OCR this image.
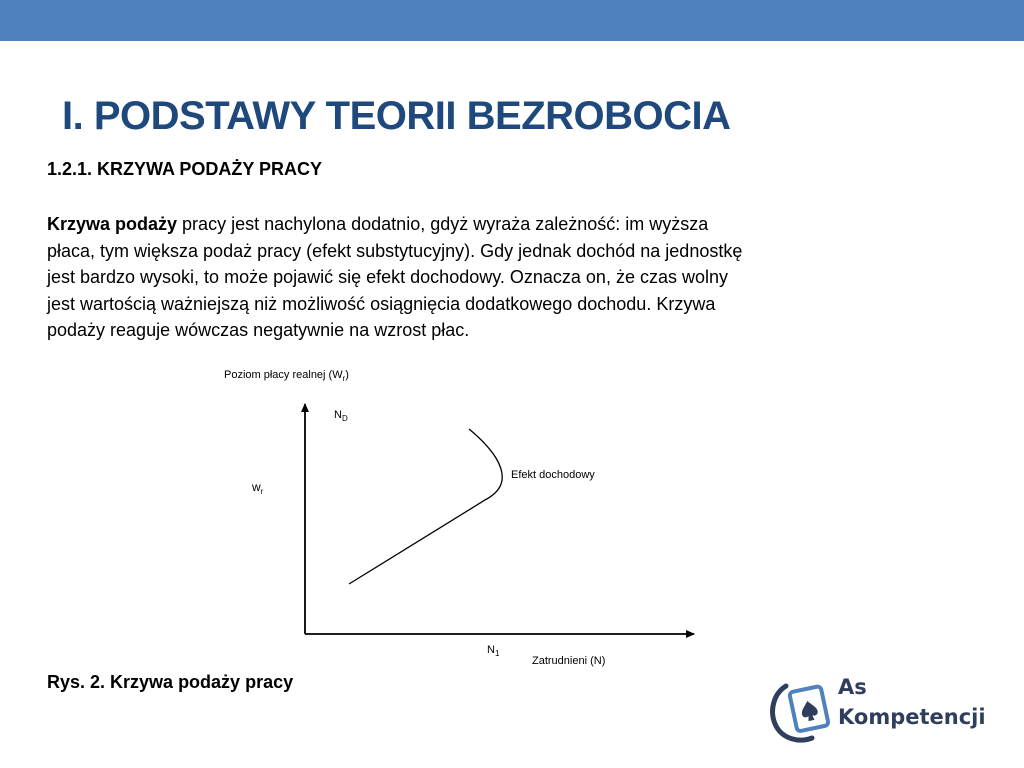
I. PODSTAWY TEORII BEZROBOCIA
1.2.1. KRZYWA PODAŻY PRACY

Krzywa podaży pracy jest nachylona dodatnio, gdyż wyraża zależność: im wyższa
płaca, tym większa podaż pracy (efekt substytucyjny). Gdy jednak dochód na jednostkę
jest bardzo wysoki, to może pojawić się efekt dochodowy. Oznacza on, że czas wolny
jest wartością ważniejszą niż możliwość osiągnięcia dodatkowego dochodu. Krzywa
podaży reaguje wówczas negatywnie na wzrost płac.

Poziom płacy realnej $(W_r)$
$w_r$
$N_D$
Efekt dochodowy
$N_1$
Zatrudnieni (N)
Rys. 2. Krzywa podaży pracy	As
Kompetencji
